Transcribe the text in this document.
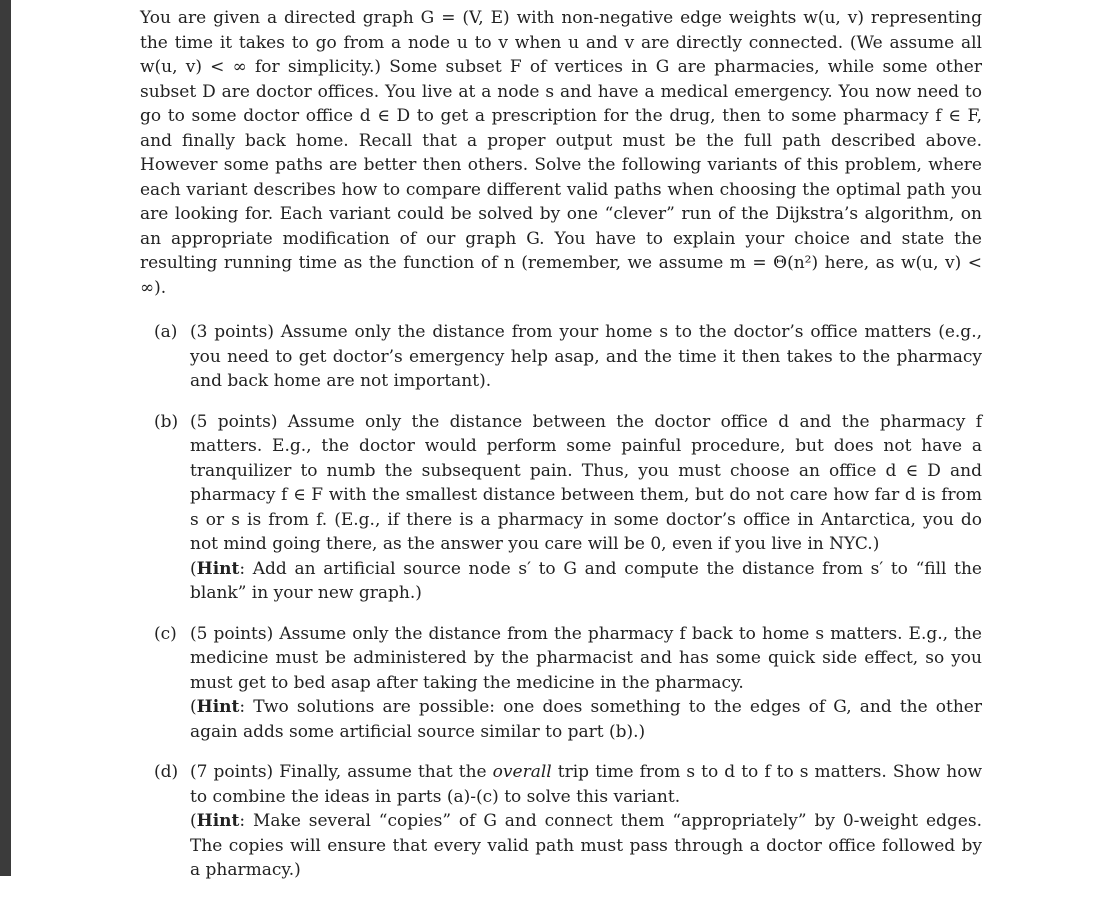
You are given a directed graph G = (V, E) with non-negative edge weights w(u, v) representing the time it takes to go from a node u to v when u and v are directly connected. (We assume all w(u, v) < ∞ for simplicity.) Some subset F of vertices in G are pharmacies, while some other subset D are doctor offices. You live at a node s and have a medical emergency. You now need to go to some doctor office d ∈ D to get a prescription for the drug, then to some pharmacy f ∈ F, and finally back home. Recall that a proper output must be the full path described above. However some paths are better then others. Solve the following variants of this problem, where each variant describes how to compare different valid paths when choosing the optimal path you are looking for. Each variant could be solved by one “clever” run of the Dijkstra’s algorithm, on an appropriate modification of our graph G. You have to explain your choice and state the resulting running time as the function of n (remember, we assume m = Θ(n²) here, as w(u, v) < ∞).

(a) (3 points) Assume only the distance from your home s to the doctor’s office matters (e.g., you need to get doctor’s emergency help asap, and the time it then takes to the pharmacy and back home are not important).
(b) (5 points) Assume only the distance between the doctor office d and the pharmacy f matters. E.g., the doctor would perform some painful procedure, but does not have a tranquilizer to numb the subsequent pain. Thus, you must choose an office d ∈ D and pharmacy f ∈ F with the smallest distance between them, but do not care how far d is from s or s is from f. (E.g., if there is a pharmacy in some doctor’s office in Antarctica, you do not mind going there, as the answer you care will be 0, even if you live in NYC.)
(Hint: Add an artificial source node s′ to G and compute the distance from s′ to “fill the blank” in your new graph.)
(c) (5 points) Assume only the distance from the pharmacy f back to home s matters. E.g., the medicine must be administered by the pharmacist and has some quick side effect, so you must get to bed asap after taking the medicine in the pharmacy.
(Hint: Two solutions are possible: one does something to the edges of G, and the other again adds some artificial source similar to part (b).)
(d) (7 points) Finally, assume that the overall trip time from s to d to f to s matters. Show how to combine the ideas in parts (a)-(c) to solve this variant.
(Hint: Make several “copies” of G and connect them “appropriately” by 0-weight edges. The copies will ensure that every valid path must pass through a doctor office followed by a pharmacy.)
